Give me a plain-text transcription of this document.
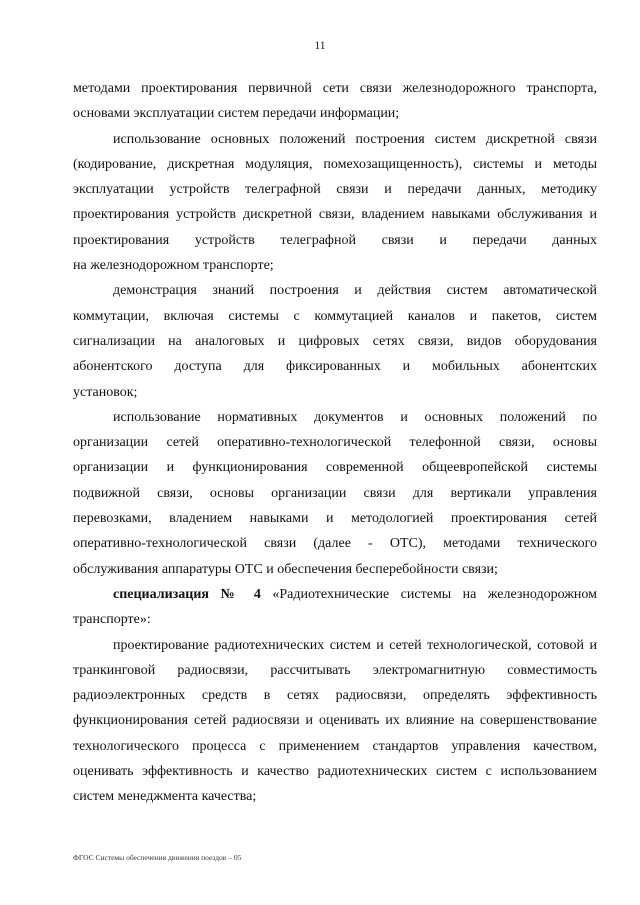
11

методами проектирования первичной сети связи железнодорожного транспорта,

основами эксплуатации систем передачи информации;

использование основных положений построения систем дискретной связи

(кодирование, дискретная модуляция, помехозащищенность), системы и методы

эксплуатации устройств телеграфной связи и передачи данных, методику

проектирования устройств дискретной связи, владением навыками обслуживания и

проектирования устройств телеграфной связи и передачи данных

на железнодорожном транспорте;

демонстрация знаний построения и действия систем автоматической

коммутации, включая системы с коммутацией каналов и пакетов, систем

сигнализации на аналоговых и цифровых сетях связи, видов оборудования

абонентского доступа для фиксированных и мобильных абонентских

установок;

использование нормативных документов и основных положений по

организации сетей оперативно-технологической телефонной связи, основы

организации и функционирования современной общеевропейской системы

подвижной связи, основы организации связи для вертикали управления

перевозками, владением навыками и методологией проектирования сетей

оперативно-технологической связи (далее - ОТС), методами технического

обслуживания аппаратуры ОТС и обеспечения бесперебойности связи;

специализация № 4 «Радиотехнические системы на железнодорожном

транспорте»:

проектирование радиотехнических систем и сетей технологической, сотовой и

транкинговой радиосвязи, рассчитывать электромагнитную совместимость

радиоэлектронных средств в сетях радиосвязи, определять эффективность

функционирования сетей радиосвязи и оценивать их влияние на совершенствование

технологического процесса с применением стандартов управления качеством,

оценивать эффективность и качество радиотехнических систем с использованием

систем менеджмента качества;

ФГОС Системы обеспечения движения поездов – 05
